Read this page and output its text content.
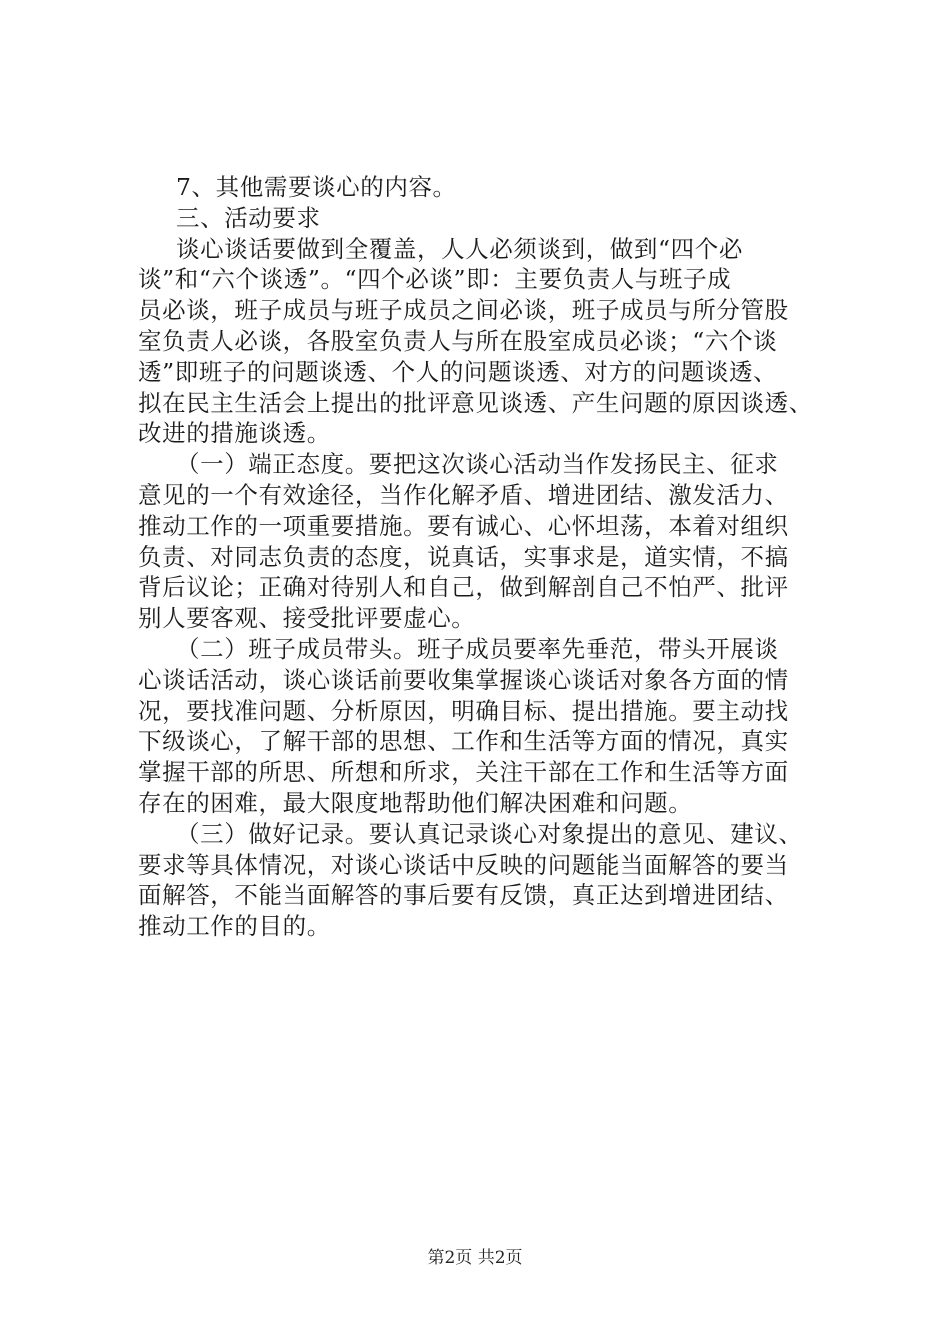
7、其他需要谈心的内容。
三、活动要求
谈心谈话要做到全覆盖，人人必须谈到，做到“四个必
谈”和“六个谈透”。“四个必谈”即：主要负责人与班子成
员必谈，班子成员与班子成员之间必谈，班子成员与所分管股
室负责人必谈，各股室负责人与所在股室成员必谈；“六个谈
透”即班子的问题谈透、个人的问题谈透、对方的问题谈透、
拟在民主生活会上提出的批评意见谈透、产生问题的原因谈透、
改进的措施谈透。
（一）端正态度。要把这次谈心活动当作发扬民主、征求
意见的一个有效途径，当作化解矛盾、增进团结、激发活力、
推动工作的一项重要措施。要有诚心、心怀坦荡，本着对组织
负责、对同志负责的态度，说真话，实事求是，道实情，不搞
背后议论；正确对待别人和自己，做到解剖自己不怕严、批评
别人要客观、接受批评要虚心。
（二）班子成员带头。班子成员要率先垂范，带头开展谈
心谈话活动，谈心谈话前要收集掌握谈心谈话对象各方面的情
况，要找准问题、分析原因，明确目标、提出措施。要主动找
下级谈心，了解干部的思想、工作和生活等方面的情况，真实
掌握干部的所思、所想和所求，关注干部在工作和生活等方面
存在的困难，最大限度地帮助他们解决困难和问题。
（三）做好记录。要认真记录谈心对象提出的意见、建议、
要求等具体情况，对谈心谈话中反映的问题能当面解答的要当
面解答，不能当面解答的事后要有反馈，真正达到增进团结、
推动工作的目的。
第2页 共2页
